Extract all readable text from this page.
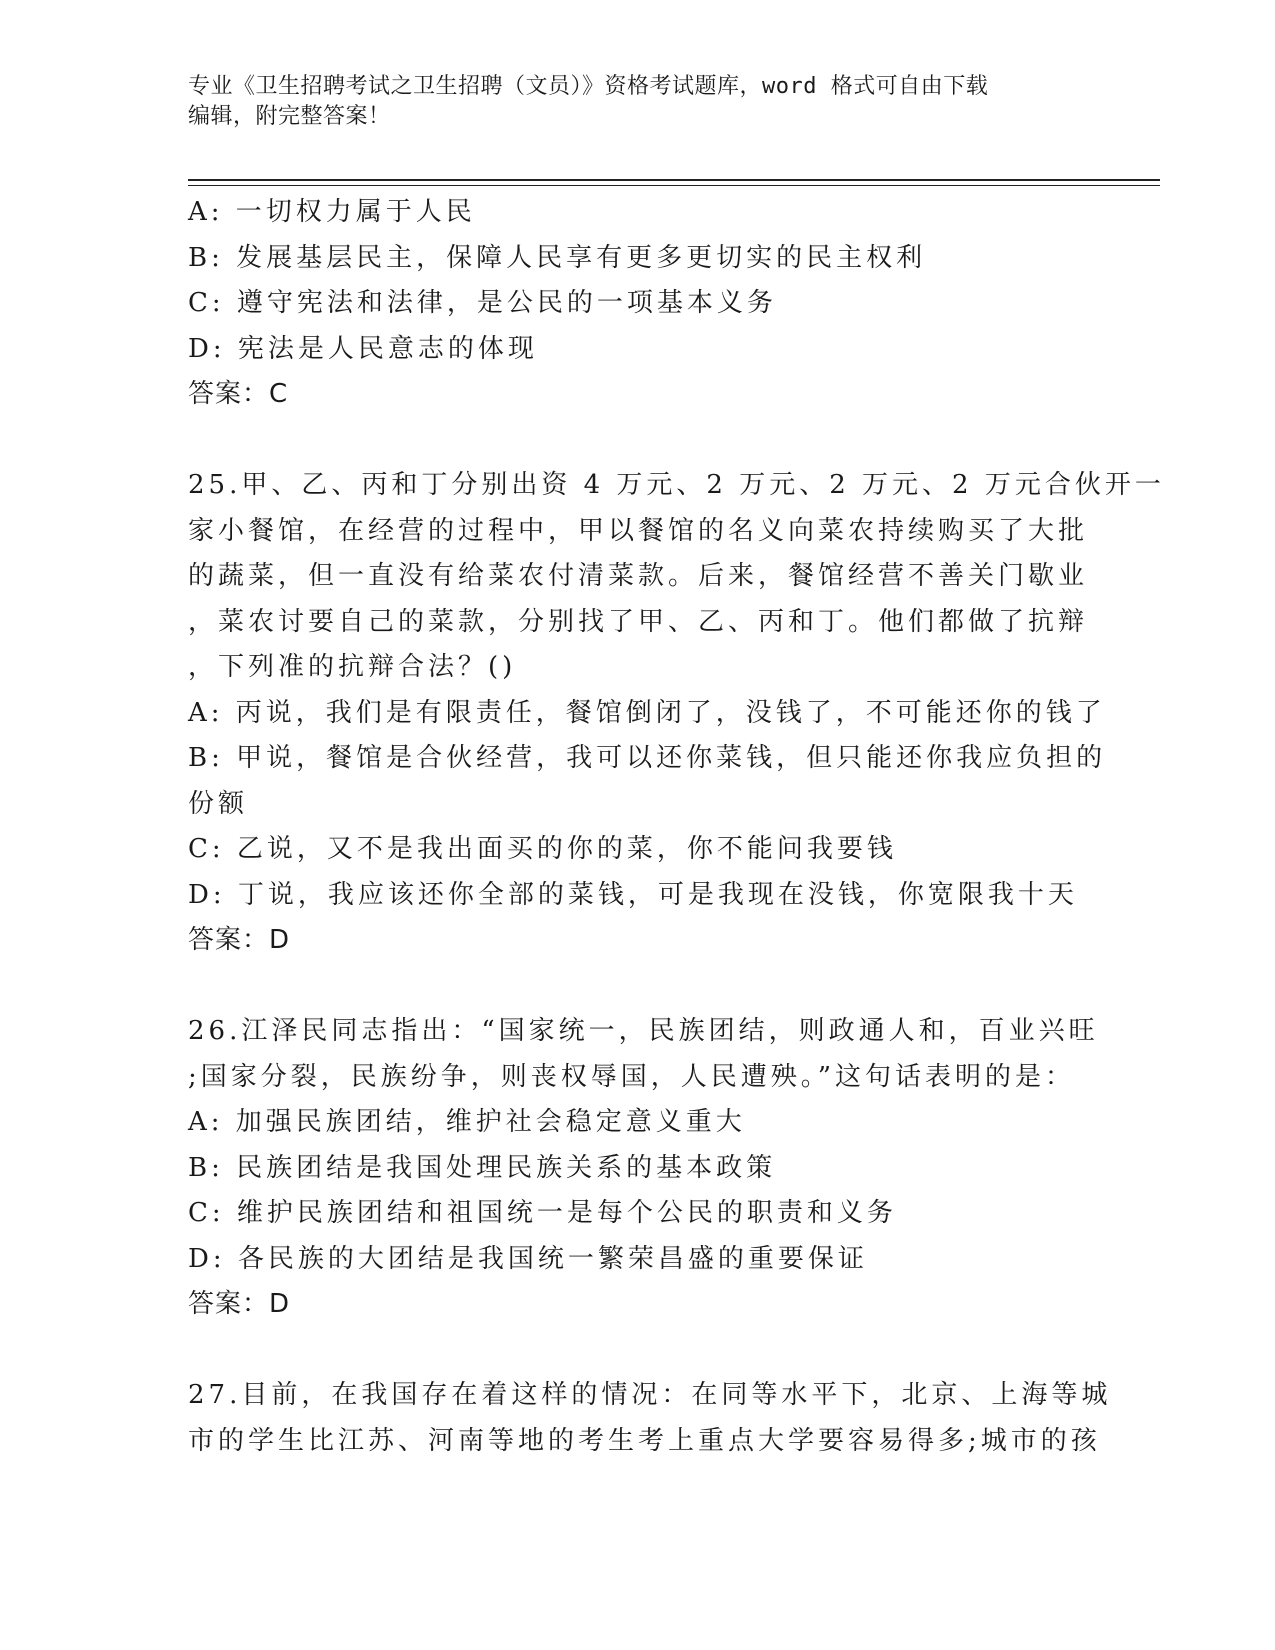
专业《卫生招聘考试之卫生招聘（文员）》资格考试题库，word 格式可自由下载
编辑，附完整答案！
A: 一切权力属于人民
B: 发展基层民主，保障人民享有更多更切实的民主权利
C: 遵守宪法和法律，是公民的一项基本义务
D: 宪法是人民意志的体现
答案：C
25.甲、乙、丙和丁分别出资 4 万元、2 万元、2 万元、2 万元合伙开一
家小餐馆，在经营的过程中，甲以餐馆的名义向菜农持续购买了大批
的蔬菜，但一直没有给菜农付清菜款。后来，餐馆经营不善关门歇业
，菜农讨要自己的菜款，分别找了甲、乙、丙和丁。他们都做了抗辩
，下列准的抗辩合法？()
A: 丙说，我们是有限责任，餐馆倒闭了，没钱了，不可能还你的钱了
B: 甲说，餐馆是合伙经营，我可以还你菜钱，但只能还你我应负担的
份额
C: 乙说，又不是我出面买的你的菜，你不能问我要钱
D: 丁说，我应该还你全部的菜钱，可是我现在没钱，你宽限我十天
答案：D
26.江泽民同志指出：“国家统一，民族团结，则政通人和，百业兴旺
;国家分裂，民族纷争，则丧权辱国，人民遭殃。”这句话表明的是：
A: 加强民族团结，维护社会稳定意义重大
B: 民族团结是我国处理民族关系的基本政策
C: 维护民族团结和祖国统一是每个公民的职责和义务
D: 各民族的大团结是我国统一繁荣昌盛的重要保证
答案：D
27.目前，在我国存在着这样的情况：在同等水平下，北京、上海等城
市的学生比江苏、河南等地的考生考上重点大学要容易得多;城市的孩
